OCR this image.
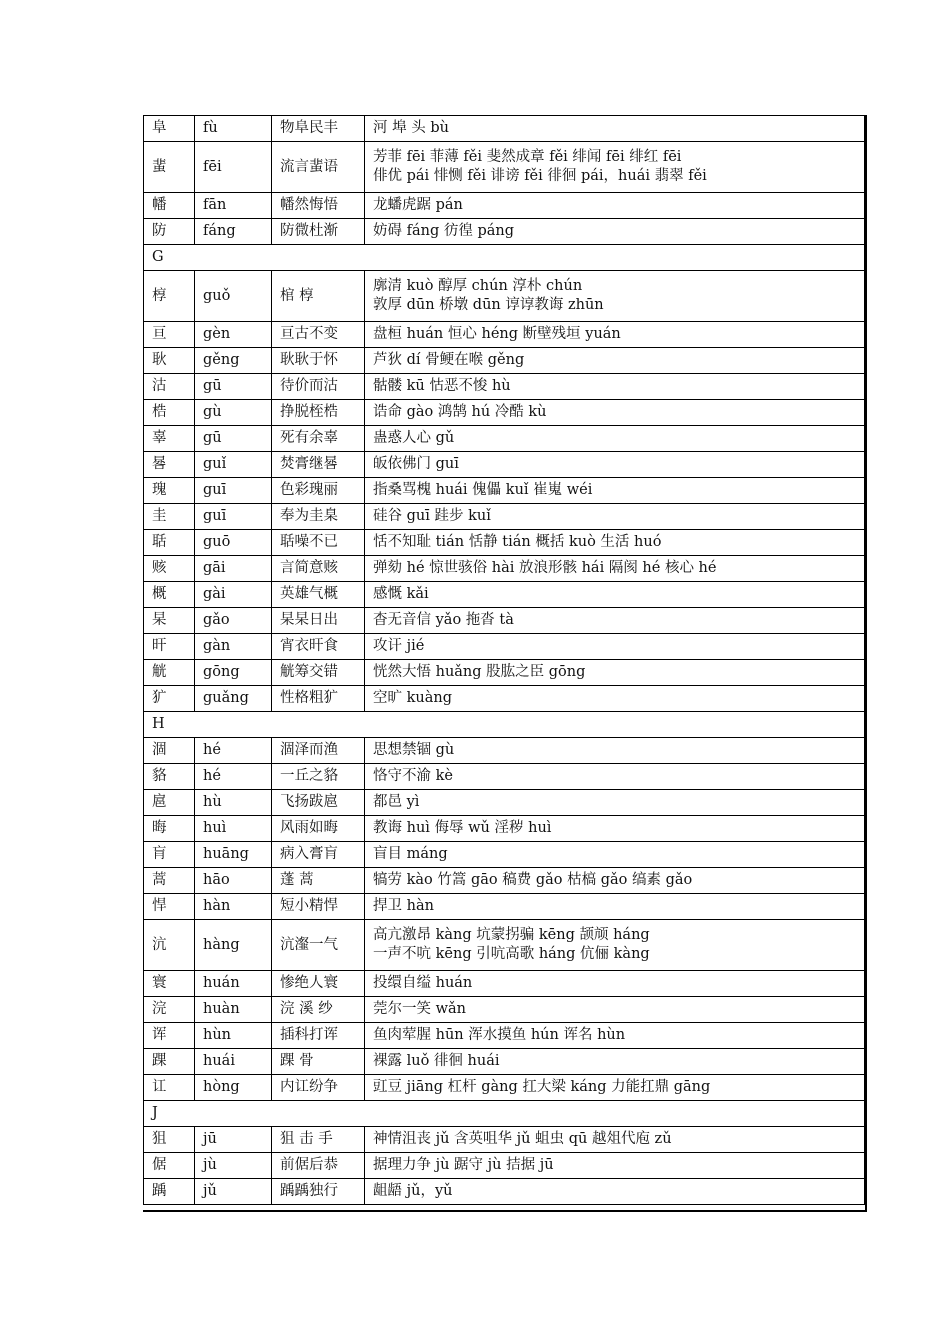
阜	fù	物阜民丰	河 埠 头 bù

蜚	fēi	流言蜚语	芳菲 fēi 菲薄 fěi 斐然成章 fěi 绯闻 fēi 绯红 fēi
俳优 pái 悱恻 fěi 诽谤 fěi 徘徊 pái，huái 翡翠 fěi

幡	fān	幡然悔悟	龙蟠虎踞 pán

防	fáng	防微杜渐	妨碍 fáng 彷徨 páng

G			
椁	guǒ	棺 椁	廓清 kuò 醇厚 chún 淳朴 chún
敦厚 dūn 桥墩 dūn 谆谆教诲 zhūn

亘	gèn	亘古不变	盘桓 huán 恒心 héng 断壁残垣 yuán

耿	gěng	耿耿于怀	芦狄 dí 骨鲠在喉 gěng

沽	gū	待价而沽	骷髅 kū 怙恶不悛 hù

梏	gù	挣脱桎梏	诰命 gào 鸿鹄 hú 冷酷 kù

辜	gū	死有余辜	蛊惑人心 gǔ

晷	guǐ	焚膏继晷	皈依佛门 guī

瑰	guī	色彩瑰丽	指桑骂槐 huái 傀儡 kuǐ 崔嵬 wéi

圭	guī	奉为圭臬	硅谷 guī 跬步 kuǐ

聒	guō	聒噪不已	恬不知耻 tián 恬静 tián 概括 kuò 生活 huó

赅	gāi	言简意赅	弹劾 hé 惊世骇俗 hài 放浪形骸 hái 隔阂 hé 核心 hé

概	gài	英雄气概	感慨 kǎi

杲	gǎo	杲杲日出	杳无音信 yǎo 拖沓 tà

旰	gàn	宵衣旰食	攻讦 jié

觥	gōng	觥筹交错	恍然大悟 huǎng 股肱之臣 gōng

犷	guǎng	性格粗犷	空旷 kuàng

H			
涸	hé	涸泽而渔	思想禁锢 gù

貉	hé	一丘之貉	恪守不渝 kè

扈	hù	飞扬跋扈	都邑 yì

晦	huì	风雨如晦	教诲 huì 侮辱 wǔ 淫秽 huì

肓	huāng	病入膏肓	盲目 máng

蒿	hāo	蓬 蒿	犒劳 kào 竹篙 gāo 稿费 gǎo 枯槁 gǎo 缟素 gǎo

悍	hàn	短小精悍	捍卫 hàn

沆	hàng	沆瀣一气	高亢激昂 kàng 坑蒙拐骗 kēng 颉颃 háng
一声不吭 kēng 引吭高歌 háng 伉俪 kàng

寰	huán	惨绝人寰	投缳自缢 huán

浣	huàn	浣 溪 纱	莞尔一笑 wǎn

诨	hùn	插科打诨	鱼肉荤腥 hūn 浑水摸鱼 hún 诨名 hùn

踝	huái	踝 骨	裸露 luǒ 徘徊 huái

讧	hòng	内讧纷争	豇豆 jiāng 杠杆 gàng 扛大梁 káng 力能扛鼎 gāng

J			
狙	jū	狙 击 手	神情沮丧 jǔ 含英咀华 jǔ 蛆虫 qū 越俎代庖 zǔ

倨	jù	前倨后恭	据理力争 jù 踞守 jù 拮据 jū

踽	jǔ	踽踽独行	龃龉 jǔ，yǔ
